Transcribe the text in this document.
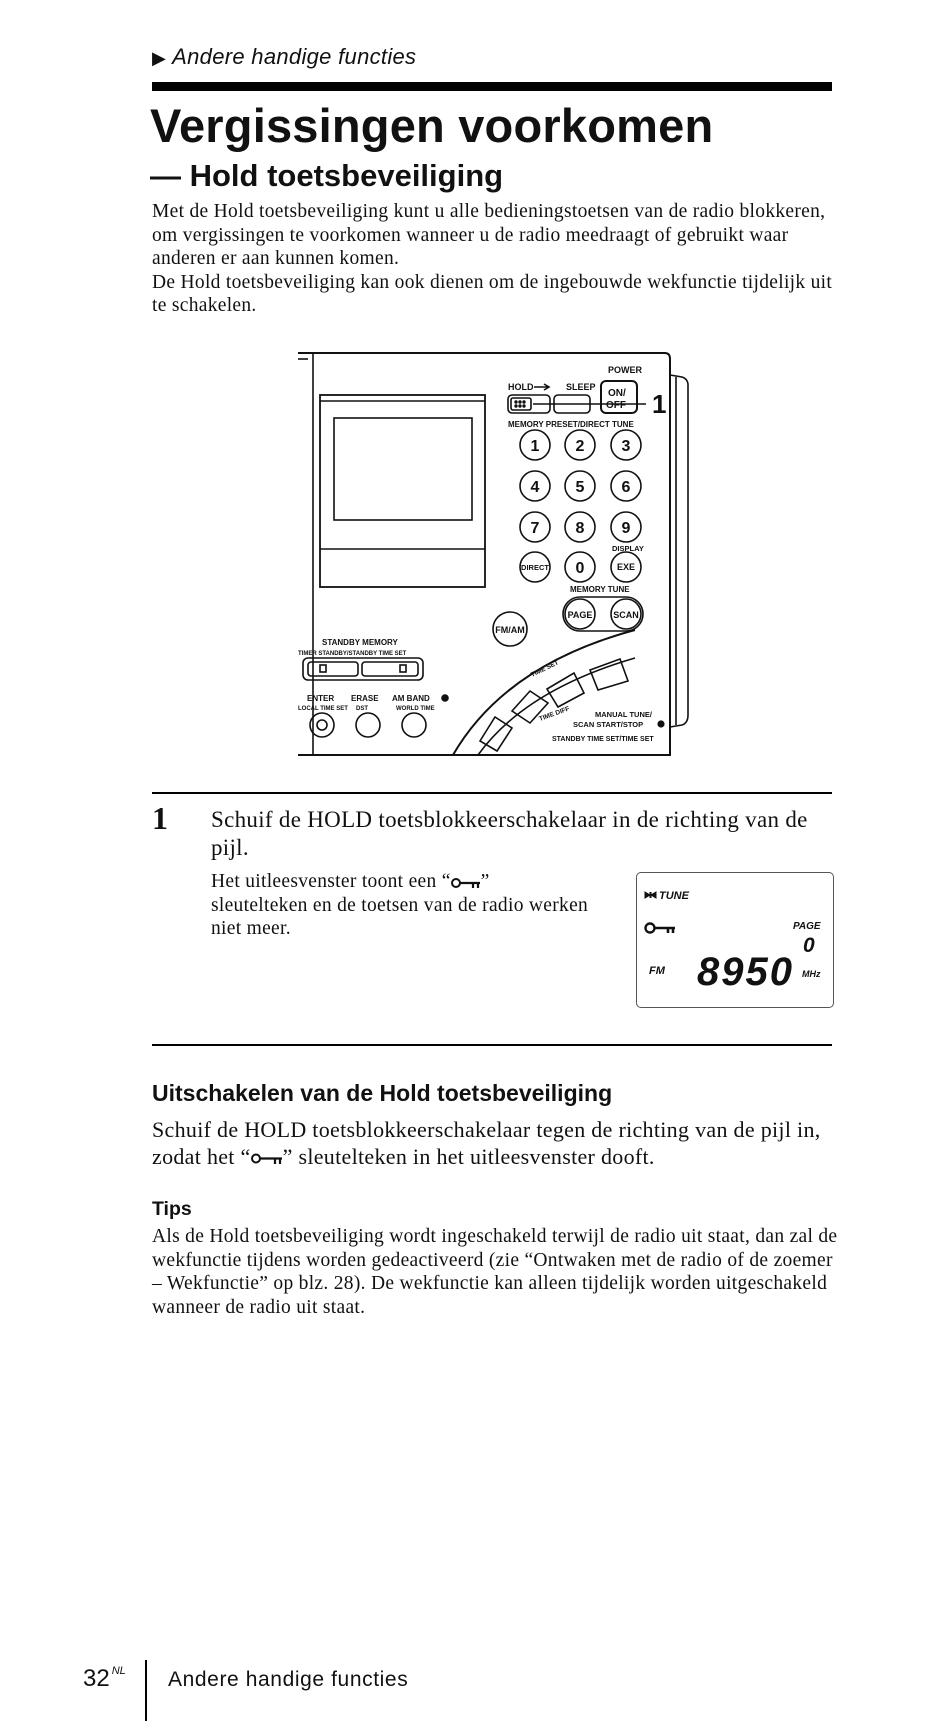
▶ Andere handige functies
Vergissingen voorkomen
— Hold toetsbeveiliging

Met de Hold toetsbeveiliging kunt u alle bedieningstoetsen van de radio blokkeren, om vergissingen te voorkomen wanneer u de radio meedraagt of gebruikt waar anderen er aan kunnen komen.

De Hold toetsbeveiliging kan ook dienen om de ingebouwde wekfunctie tijdelijk uit te schakelen.

POWER
HOLD	SLEEP
ON/
OFF 1
MEMORY PRESET/DIRECT TUNE
1 2 3
4 5 6
7 8 9
0
DIRECT	EXE
DISPLAY
MEMORY TUNE
PAGE SCAN
FM/AM
STANDBY MEMORY
TIMER STANDBY/STANDBY TIME SET
ENTER ERASE AM BAND
LOCAL TIME SET DST	WORLD TIME
TIME SET
TIME DIFF	MANUAL TUNE/
SCAN START/STOP
STANDBY TIME SET/TIME SET
1 Schuif de HOLD toetsblokkeerschakelaar in de richting van de pijl.
Het uitleesvenster toont een “ ” sleutelteken en de toetsen van de radio werken niet meer.
TUNE
PAGE
0
FM 8950 MHz
Uitschakelen van de Hold toetsbeveiliging
Schuif de HOLD toetsblokkeerschakelaar tegen de richting van de pijl in, zodat het “ ” sleutelteken in het uitleesvenster dooft.
Tips
Als de Hold toetsbeveiliging wordt ingeschakeld terwijl de radio uit staat, dan zal de wekfunctie tijdens worden gedeactiveerd (zie “Ontwaken met de radio of de zoemer – Wekfunctie” op blz. 28). De wekfunctie kan alleen tijdelijk worden uitgeschakeld wanneer de radio uit staat.
32 $^{NL}$ Andere handige functies
